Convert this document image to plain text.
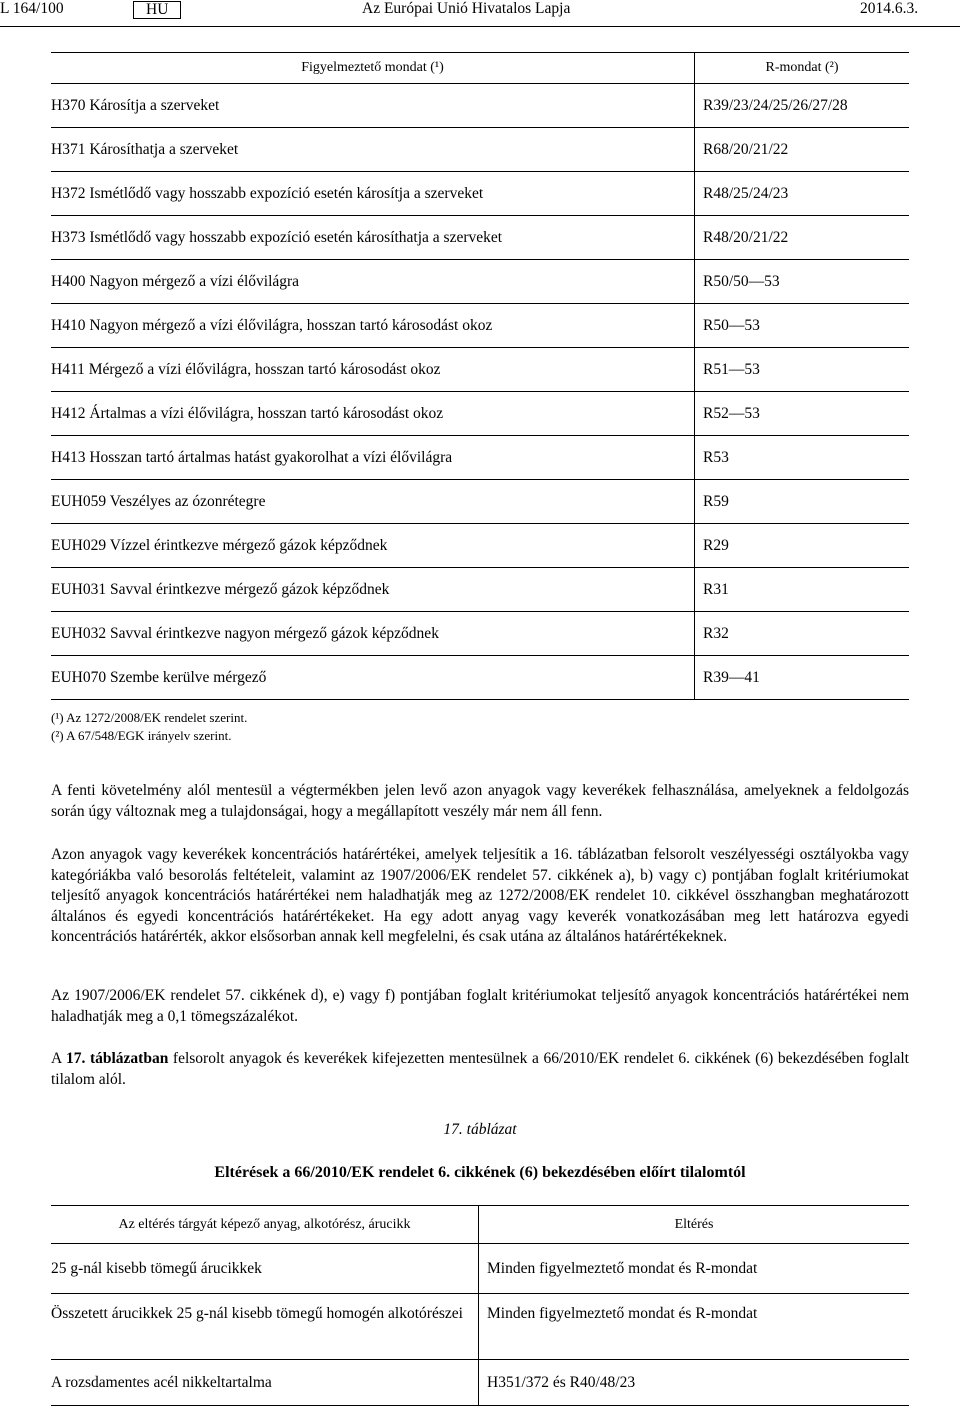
L 164/100	HU	Az Európai Unió Hivatalos Lapja	2014.6.3.
Figyelmeztető mondat (¹)	R-mondat (²)
H370 Károsítja a szerveket	R39/23/24/25/26/27/28
H371 Károsíthatja a szerveket	R68/20/21/22
H372 Ismétlődő vagy hosszabb expozíció esetén károsítja a szerveket	R48/25/24/23
H373 Ismétlődő vagy hosszabb expozíció esetén károsíthatja a szerveket	R48/20/21/22
H400 Nagyon mérgező a vízi élővilágra	R50/50—53
H410 Nagyon mérgező a vízi élővilágra, hosszan tartó károsodást okoz	R50—53
H411 Mérgező a vízi élővilágra, hosszan tartó károsodást okoz	R51—53
H412 Ártalmas a vízi élővilágra, hosszan tartó károsodást okoz	R52—53
H413 Hosszan tartó ártalmas hatást gyakorolhat a vízi élővilágra	R53
EUH059 Veszélyes az ózonrétegre	R59
EUH029 Vízzel érintkezve mérgező gázok képződnek	R29
EUH031 Savval érintkezve mérgező gázok képződnek	R31
EUH032 Savval érintkezve nagyon mérgező gázok képződnek	R32
EUH070 Szembe kerülve mérgező	R39—41
(¹) Az 1272/2008/EK rendelet szerint.
(²) A 67/548/EGK irányelv szerint.
A fenti követelmény alól mentesül a végtermékben jelen levő azon anyagok vagy keverékek felhasználása, amelyeknek a feldolgozás során úgy változnak meg a tulajdonságai, hogy a megállapított veszély már nem áll fenn.
Azon anyagok vagy keverékek koncentrációs határértékei, amelyek teljesítik a 16. táblázatban felsorolt veszélyességi osztályokba vagy kategóriákba való besorolás feltételeit, valamint az 1907/2006/EK rendelet 57. cikkének a), b) vagy c) pontjában foglalt kritériumokat teljesítő anyagok koncentrációs határértékei nem haladhatják meg az 1272/2008/EK rendelet 10. cikkével összhangban meghatározott általános és egyedi koncentrációs határértékeket. Ha egy adott anyag vagy keverék vonatkozásában meg lett határozva egyedi koncentrációs határérték, akkor elsősorban annak kell megfelelni, és csak utána az általános határértékeknek.
Az 1907/2006/EK rendelet 57. cikkének d), e) vagy f) pontjában foglalt kritériumokat teljesítő anyagok koncentrációs határértékei nem haladhatják meg a 0,1 tömegszázalékot.
A 17. táblázatban felsorolt anyagok és keverékek kifejezetten mentesülnek a 66/2010/EK rendelet 6. cikkének (6) bekezdésében foglalt tilalom alól.
17. táblázat
Eltérések a 66/2010/EK rendelet 6. cikkének (6) bekezdésében előírt tilalomtól
Az eltérés tárgyát képező anyag, alkotórész, árucikk	Eltérés
25 g-nál kisebb tömegű árucikkek	Minden figyelmeztető mondat és R-mondat
Összetett árucikkek 25 g-nál kisebb tömegű homogén alkotórészei	Minden figyelmeztető mondat és R-mondat
A rozsdamentes acél nikkeltartalma	H351/372 és R40/48/23
